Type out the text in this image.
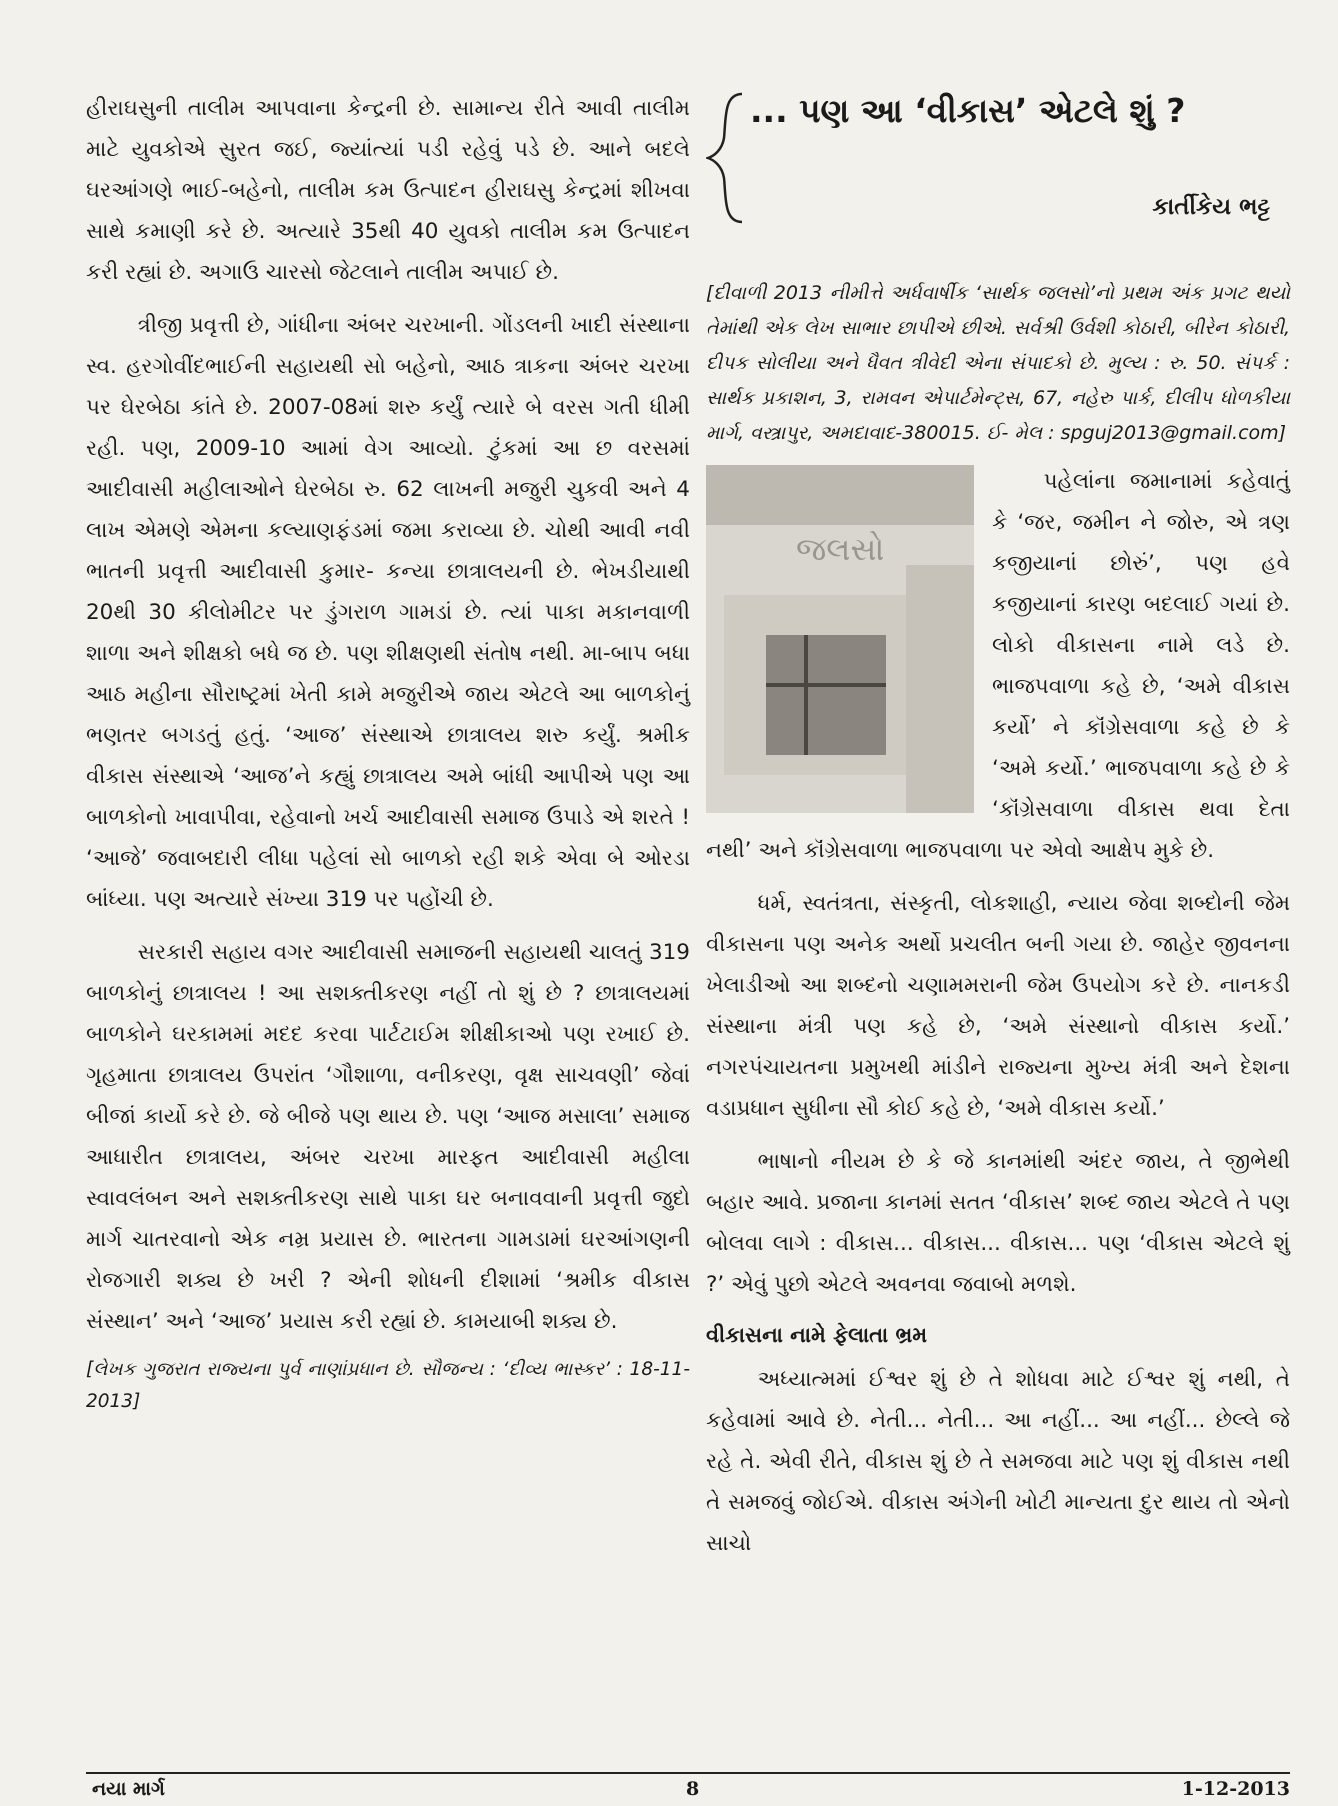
હીરાઘસુની તાલીમ આપવાના કેન્દ્રની છે. સામાન્ય રીતે આવી તાલીમ માટે યુવકોએ સુરત જઈ, જ્યાંત્યાં પડી રહેવું પડે છે. આને બદલે ઘરઆંગણે ભાઈ-બહેનો, તાલીમ કમ ઉત્પાદન હીરાઘસુ કેન્દ્રમાં શીખવા સાથે કમાણી કરે છે. અત્યારે 35થી 40 યુવકો તાલીમ કમ ઉત્પાદન કરી રહ્યાં છે. અગાઉ ચારસો જેટલાને તાલીમ અપાઈ છે.

ત્રીજી પ્રવૃત્તી છે, ગાંધીના અંબર ચરખાની. ગોંડલની ખાદી સંસ્થાના સ્વ. હરગોવીંદભાઈની સહાયથી સો બહેનો, આઠ ત્રાકના અંબર ચરખા પર ઘેરબેઠા કાંતે છે. 2007-08માં શરુ કર્યું ત્યારે બે વરસ ગતી ધીમી રહી. પણ, 2009-10 આમાં વેગ આવ્યો. ટુંકમાં આ છ વરસમાં આદીવાસી મહીલાઓને ઘેરબેઠા રુ. 62 લાખની મજુરી ચુકવી અને 4 લાખ એમણે એમના કલ્યાણફંડમાં જમા કરાવ્યા છે. ચોથી આવી નવી ભાતની પ્રવૃત્તી આદીવાસી કુમાર- કન્યા છાત્રાલયની છે. ભેખડીયાથી 20થી 30 કીલોમીટર પર ડુંગરાળ ગામડાં છે. ત્યાં પાકા મકાનવાળી શાળા અને શીક્ષકો બધે જ છે. પણ શીક્ષણથી સંતોષ નથી. મા-બાપ બધા આઠ મહીના સૌરાષ્ટ્રમાં ખેતી કામે મજુરીએ જાય એટલે આ બાળકોનું ભણતર બગડતું હતું. ‘આજ’ સંસ્થાએ છાત્રાલય શરુ કર્યું. શ્રમીક વીકાસ સંસ્થાએ ‘આજ’ને કહ્યું છાત્રાલય અમે બાંધી આપીએ પણ આ બાળકોનો ખાવાપીવા, રહેવાનો ખર્ચ આદીવાસી સમાજ ઉપાડે એ શરતે ! ‘આજે’ જવાબદારી લીધા પહેલાં સો બાળકો રહી શકે એવા બે ઓરડા બાંધ્યા. પણ અત્યારે સંખ્યા 319 પર પહોંચી છે.

સરકારી સહાય વગર આદીવાસી સમાજની સહાયથી ચાલતું 319 બાળકોનું છાત્રાલય ! આ સશક્તીકરણ નહીં તો શું છે ? છાત્રાલયમાં બાળકોને ઘરકામમાં મદદ કરવા પાર્ટટાઈમ શીક્ષીકાઓ પણ રખાઈ છે. ગૃહમાતા છાત્રાલય ઉપરાંત ‘ગૌશાળા, વનીકરણ, વૃક્ષ સાચવણી’ જેવાં બીજાં કાર્યો કરે છે. જે બીજે પણ થાય છે. પણ ‘આજ મસાલા’ સમાજ આધારીત છાત્રાલય, અંબર ચરખા મારફત આદીવાસી મહીલા સ્વાવલંબન અને સશક્તીકરણ સાથે પાકા ઘર બનાવવાની પ્રવૃત્તી જુદો માર્ગ ચાતરવાનો એક નમ્ર પ્રયાસ છે. ભારતના ગામડામાં ઘરઆંગણની રોજગારી શક્ય છે ખરી ? એની શોધની દીશામાં ‘શ્રમીક વીકાસ સંસ્થાન’ અને ‘આજ’ પ્રયાસ કરી રહ્યાં છે. કામયાબી શક્ય છે.

[લેખક ગુજરાત રાજ્યના પુર્વ નાણાંપ્રધાન છે. સૌજન્ય : ‘દીવ્ય ભાસ્કર’ : 18-11-2013]

... પણ આ ‘વીકાસ’ એટલે શું ?
કાર્તીકેય ભટ્ટ

[દીવાળી 2013 નીમીત્તે અર્ધવાર્ષીક ‘સાર્થક જલસો’નો પ્રથમ અંક પ્રગટ થયો તેમાંથી એક લેખ સાભાર છાપીએ છીએ. સર્વશ્રી ઉર્વશી કોઠારી, બીરેન કોઠારી, દીપક સોલીયા અને ધૈવત ત્રીવેદી એના સંપાદકો છે. મુલ્ય : રુ. 50. સંપર્ક : સાર્થક પ્રકાશન, 3, રામવન એપાર્ટમેન્ટ્સ, 67, નહેરુ પાર્ક, દીલીપ ધોળકીયા માર્ગ, વસ્ત્રાપુર, અમદાવાદ-380015. ઈ- મેલ : spguj2013@gmail.com]

જલસો

પહેલાંના જમાનામાં કહેવાતું કે ‘જર, જમીન ને જોરુ, એ ત્રણ કજીયાનાં છોરું’, પણ હવે કજીયાનાં કારણ બદલાઈ ગયાં છે. લોકો વીકાસના નામે લડે છે. ભાજપવાળા કહે છે, ‘અમે વીકાસ કર્યો’ ને કૉંગ્રેસવાળા કહે છે કે ‘અમે કર્યો.’ ભાજપવાળા કહે છે કે ‘કૉંગ્રેસવાળા વીકાસ થવા દેતા નથી’ અને કૉંગ્રેસવાળા ભાજપવાળા પર એવો આક્ષેપ મુકે છે.

ધર્મ, સ્વતંત્રતા, સંસ્કૃતી, લોકશાહી, ન્યાય જેવા શબ્દોની જેમ વીકાસના પણ અનેક અર્થો પ્રચલીત બની ગયા છે. જાહેર જીવનના ખેલાડીઓ આ શબ્દનો ચણામમરાની જેમ ઉપયોગ કરે છે. નાનકડી સંસ્થાના મંત્રી પણ કહે છે, ‘અમે સંસ્થાનો વીકાસ કર્યો.’ નગરપંચાયતના પ્રમુખથી માંડીને રાજ્યના મુખ્ય મંત્રી અને દેશના વડાપ્રધાન સુધીના સૌ કોઈ કહે છે, ‘અમે વીકાસ કર્યો.’

ભાષાનો નીયમ છે કે જે કાનમાંથી અંદર જાય, તે જીભેથી બહાર આવે. પ્રજાના કાનમાં સતત ‘વીકાસ’ શબ્દ જાય એટલે તે પણ બોલવા લાગે : વીકાસ... વીકાસ... વીકાસ... પણ ‘વીકાસ એટલે શું ?’ એવું પુછો એટલે અવનવા જવાબો મળશે.

વીકાસના નામે ફેલાતા ભ્રમ

અધ્યાત્મમાં ઈશ્વર શું છે તે શોધવા માટે ઈશ્વર શું નથી, તે કહેવામાં આવે છે. નેતી... નેતી... આ નહીં... આ નહીં... છેલ્લે જે રહે તે. એવી રીતે, વીકાસ શું છે તે સમજવા માટે પણ શું વીકાસ નથી તે સમજવું જોઈએ. વીકાસ અંગેની ખોટી માન્યતા દુર થાય તો એનો સાચો

નયા માર્ગ	8	1-12-2013
